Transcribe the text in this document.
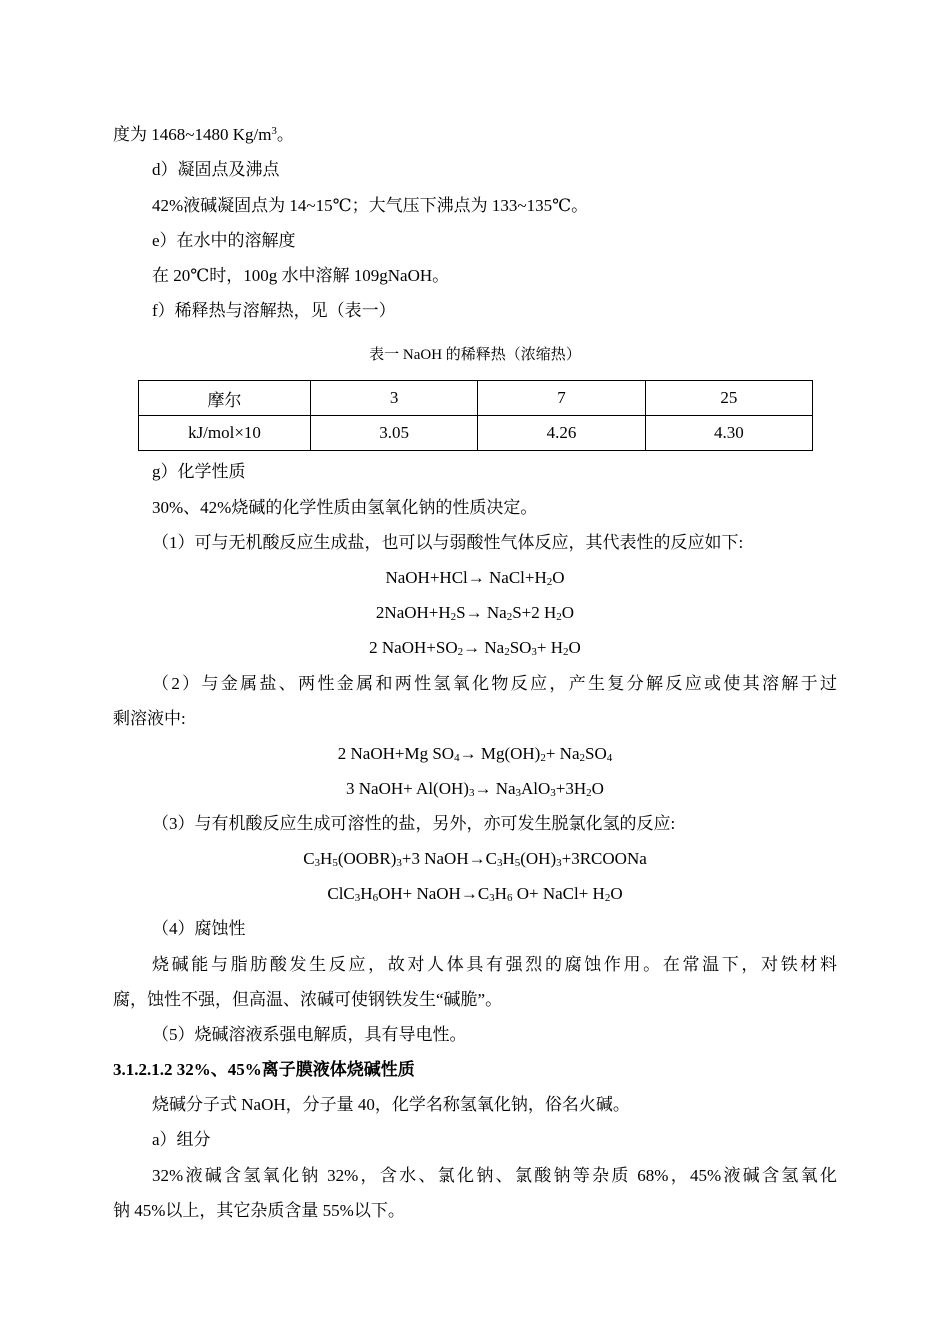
度为 1468~1480 $Kg/m^3$。
d）凝固点及沸点
42%液碱凝固点为 14~15℃；大气压下沸点为 133~135℃。
e）在水中的溶解度
在 20℃时，100g 水中溶解 109gNaOH。
f）稀释热与溶解热，见（表一）
表一 NaOH 的稀释热（浓缩热）
摩尔	3	7	25
kJ/mol×10	3.05	4.26	4.30
g）化学性质
30%、42%烧碱的化学性质由氢氧化钠的性质决定。
（1）可与无机酸反应生成盐，也可以与弱酸性气体反应，其代表性的反应如下:
NaOH+HCl→ $NaCl+H_2O$
$2NaOH+H_2S\to Na_2S+2$ $H_2O$
2 $NaOH+SO_2\to Na_2SO_3+ H_2O$
（2）与金属盐、两性金属和两性氢氧化物反应，产生复分解反应或使其溶解于过
剩溶液中:
2 NaOH+Mg $SO_4\to Mg(OH)_2+ Na_2SO_4$
3 NaOH+ $Al(OH)_3\to Na_3AlO_3+3H_2O$
（3）与有机酸反应生成可溶性的盐，另外，亦可发生脱氯化氢的反应:
$C_3H_5(OOBR)_3+3$ $NaOH\to C_3H_5(OH)_3+3RCOONa$
$ClC_3H_6OH+$ $NaOH\to C_3H_6$ O+ NaCl+ $H_2O$
（4）腐蚀性
烧碱能与脂肪酸发生反应，故对人体具有强烈的腐蚀作用。在常温下，对铁材料
腐，蚀性不强，但高温、浓碱可使钢铁发生“碱脆”。
（5）烧碱溶液系强电解质，具有导电性。
3.1.2.1.2 32%、45%离子膜液体烧碱性质
烧碱分子式 NaOH，分子量 40，化学名称氢氧化钠，俗名火碱。
a）组分
32%液碱含氢氧化钠 32%，含水、氯化钠、氯酸钠等杂质 68%，45%液碱含氢氧化
钠 45%以上，其它杂质含量 55%以下。
